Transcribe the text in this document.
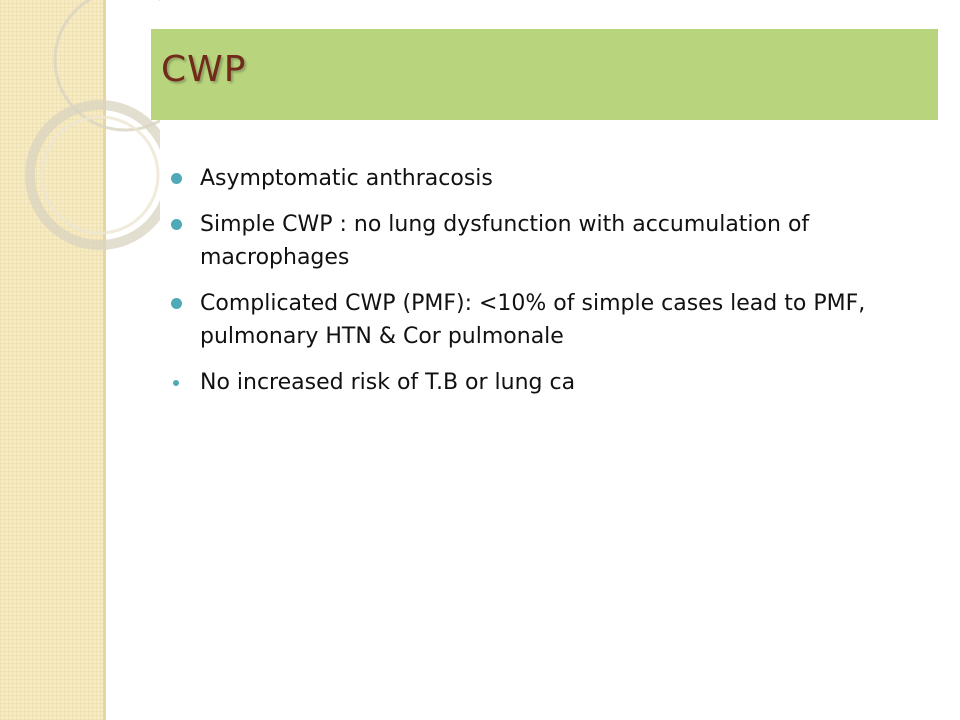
CWP
Asymptomatic anthracosis
Simple CWP : no lung dysfunction with accumulation of macrophages
Complicated CWP (PMF): <10% of simple cases lead to PMF, pulmonary HTN & Cor pulmonale
No increased risk of T.B or lung ca
